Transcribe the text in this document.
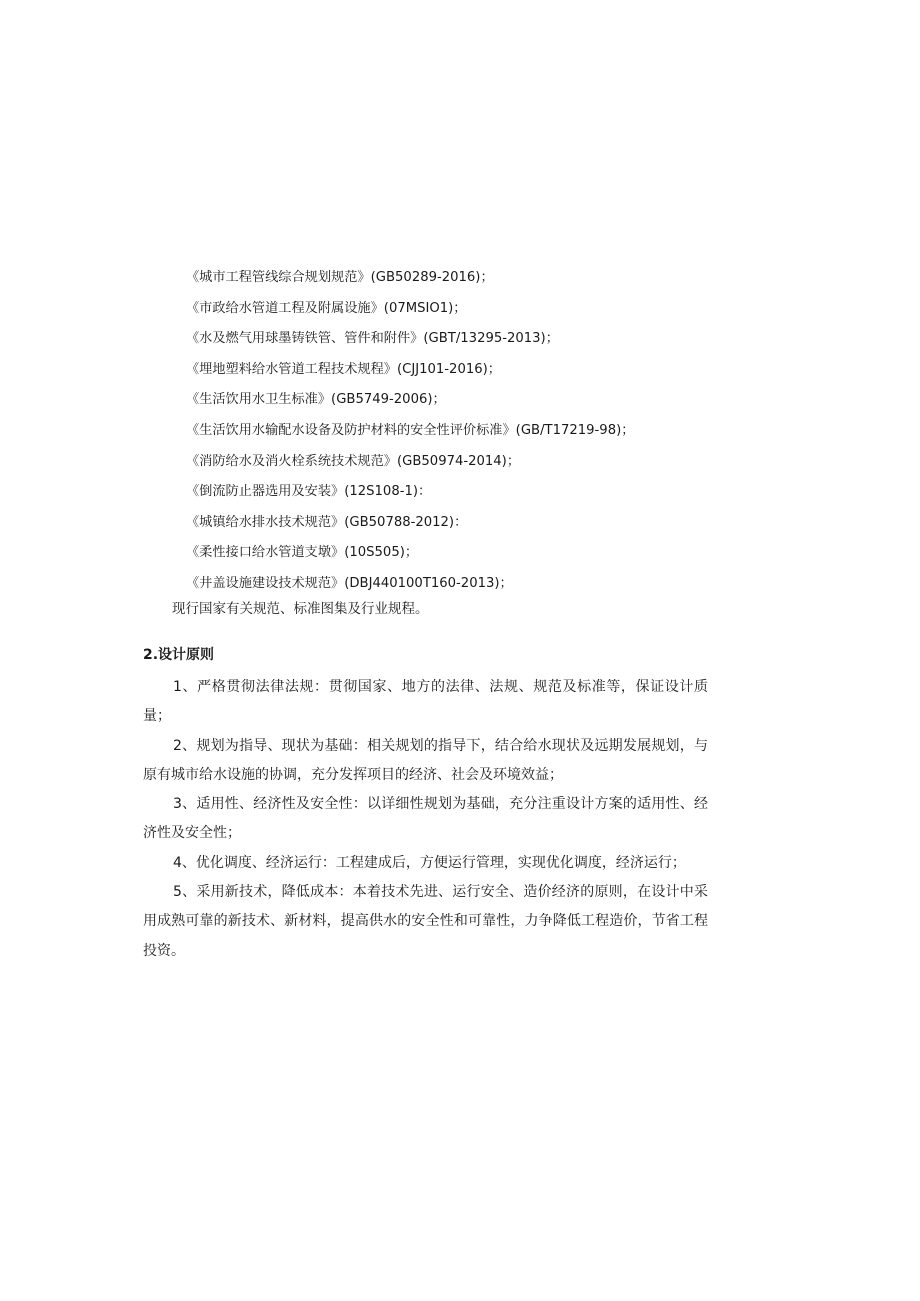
《城市工程管线综合规划规范》(GB50289-2016)；
《市政给水管道工程及附属设施》(07MSIO1)；
《水及燃气用球墨铸铁管、管件和附件》(GBT/13295-2013)；
《埋地塑料给水管道工程技术规程》(CJJ101-2016)；
《生活饮用水卫生标准》(GB5749-2006)；
《生活饮用水输配水设备及防护材料的安全性评价标准》(GB/T17219-98)；
《消防给水及消火栓系统技术规范》(GB50974-2014)；
《倒流防止器选用及安装》(12S108-1)：
《城镇给水排水技术规范》(GB50788-2012)：
《柔性接口给水管道支墩》(10S505)；
《井盖设施建设技术规范》(DBJ440100T160-2013)；
现行国家有关规范、标准图集及行业规程。
2.设计原则

1、严格贯彻法律法规：贯彻国家、地方的法律、法规、规范及标准等，保证设计质量；

2、规划为指导、现状为基础：相关规划的指导下，结合给水现状及远期发展规划，与原有城市给水设施的协调，充分发挥项目的经济、社会及环境效益；

3、适用性、经济性及安全性：以详细性规划为基础，充分注重设计方案的适用性、经济性及安全性；

4、优化调度、经济运行：工程建成后，方便运行管理，实现优化调度，经济运行；

5、采用新技术，降低成本：本着技术先进、运行安全、造价经济的原则，在设计中采用成熟可靠的新技术、新材料，提高供水的安全性和可靠性，力争降低工程造价，节省工程投资。
